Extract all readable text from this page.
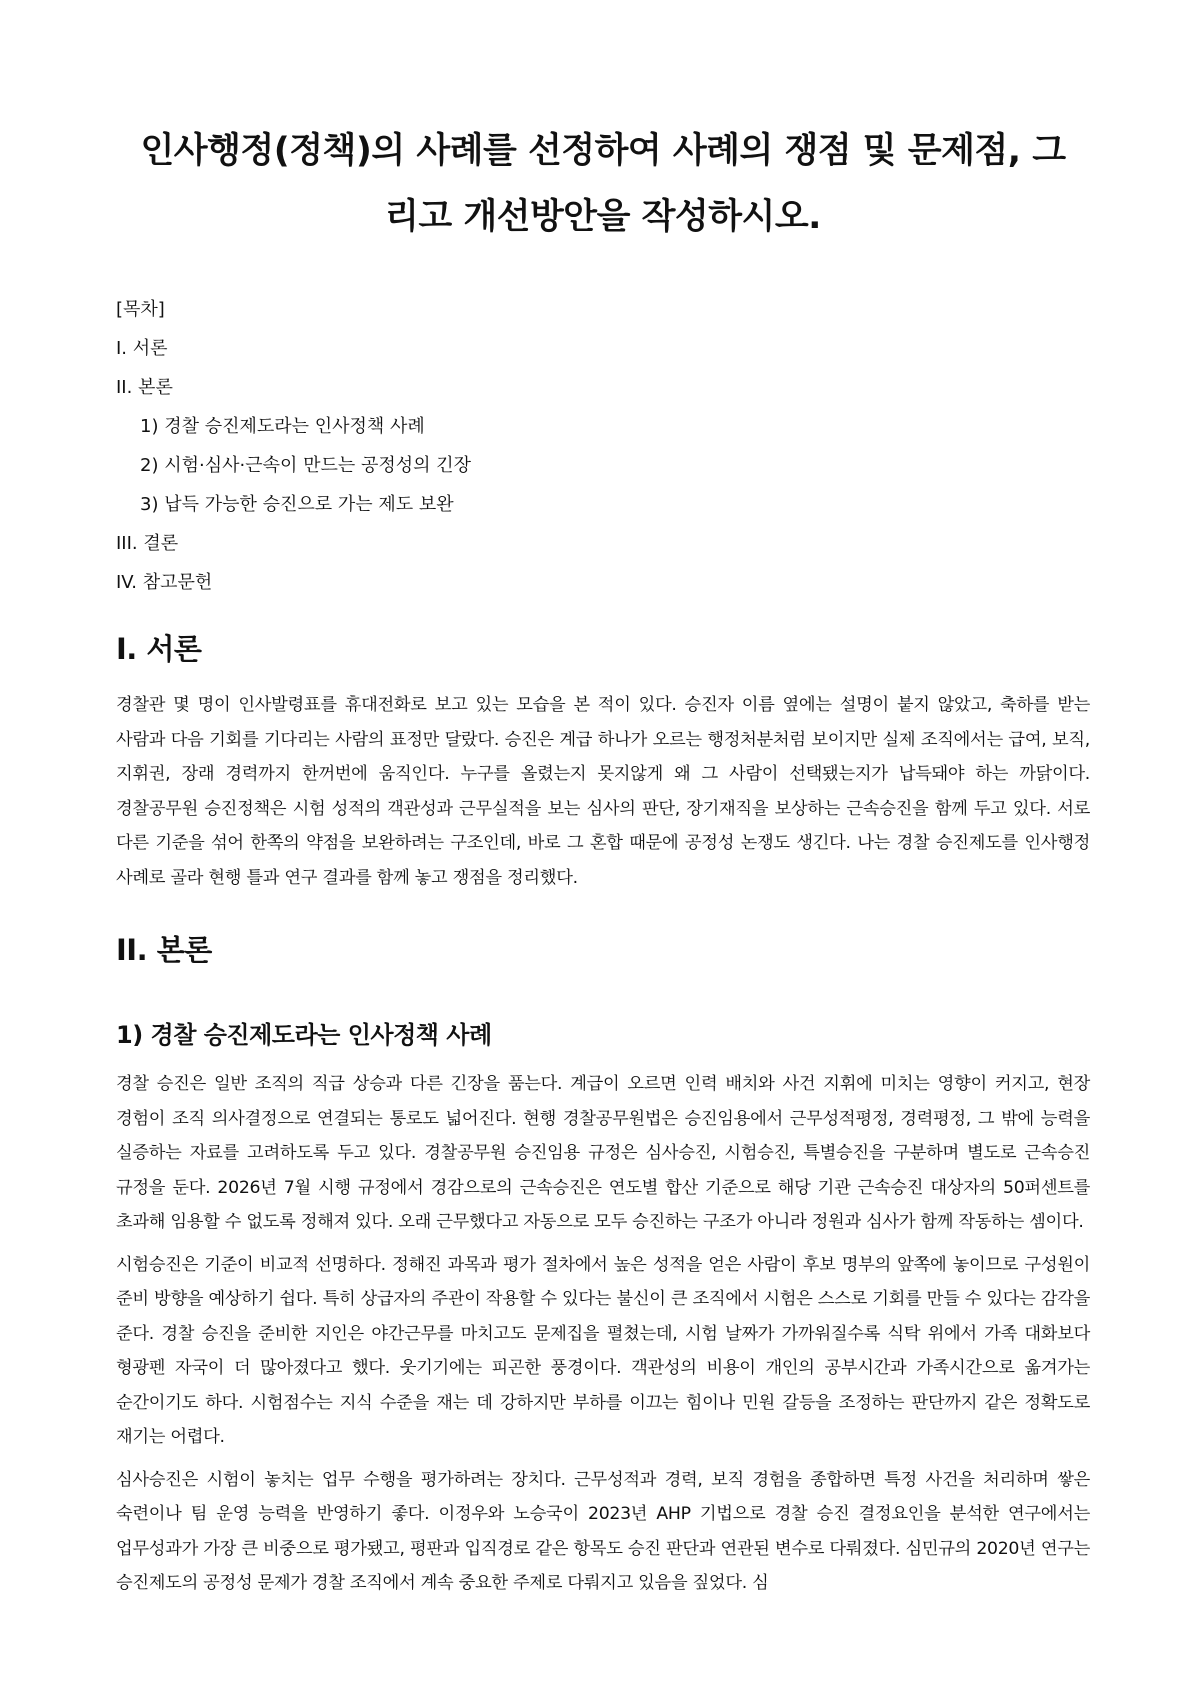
인사행정(정책)의 사례를 선정하여 사례의 쟁점 및 문제점, 그리고 개선방안을 작성하시오.
[목차]
I. 서론
II. 본론
1) 경찰 승진제도라는 인사정책 사례
2) 시험·심사·근속이 만드는 공정성의 긴장
3) 납득 가능한 승진으로 가는 제도 보완
III. 결론
IV. 참고문헌
I. 서론

경찰관 몇 명이 인사발령표를 휴대전화로 보고 있는 모습을 본 적이 있다. 승진자 이름 옆에는 설명이 붙지 않았고, 축하를 받는 사람과 다음 기회를 기다리는 사람의 표정만 달랐다. 승진은 계급 하나가 오르는 행정처분처럼 보이지만 실제 조직에서는 급여, 보직, 지휘권, 장래 경력까지 한꺼번에 움직인다. 누구를 올렸는지 못지않게 왜 그 사람이 선택됐는지가 납득돼야 하는 까닭이다. 경찰공무원 승진정책은 시험 성적의 객관성과 근무실적을 보는 심사의 판단, 장기재직을 보상하는 근속승진을 함께 두고 있다. 서로 다른 기준을 섞어 한쪽의 약점을 보완하려는 구조인데, 바로 그 혼합 때문에 공정성 논쟁도 생긴다. 나는 경찰 승진제도를 인사행정 사례로 골라 현행 틀과 연구 결과를 함께 놓고 쟁점을 정리했다.

II. 본론
1) 경찰 승진제도라는 인사정책 사례

경찰 승진은 일반 조직의 직급 상승과 다른 긴장을 품는다. 계급이 오르면 인력 배치와 사건 지휘에 미치는 영향이 커지고, 현장 경험이 조직 의사결정으로 연결되는 통로도 넓어진다. 현행 경찰공무원법은 승진임용에서 근무성적평정, 경력평정, 그 밖에 능력을 실증하는 자료를 고려하도록 두고 있다. 경찰공무원 승진임용 규정은 심사승진, 시험승진, 특별승진을 구분하며 별도로 근속승진 규정을 둔다. 2026년 7월 시행 규정에서 경감으로의 근속승진은 연도별 합산 기준으로 해당 기관 근속승진 대상자의 50퍼센트를 초과해 임용할 수 없도록 정해져 있다. 오래 근무했다고 자동으로 모두 승진하는 구조가 아니라 정원과 심사가 함께 작동하는 셈이다.

시험승진은 기준이 비교적 선명하다. 정해진 과목과 평가 절차에서 높은 성적을 얻은 사람이 후보 명부의 앞쪽에 놓이므로 구성원이 준비 방향을 예상하기 쉽다. 특히 상급자의 주관이 작용할 수 있다는 불신이 큰 조직에서 시험은 스스로 기회를 만들 수 있다는 감각을 준다. 경찰 승진을 준비한 지인은 야간근무를 마치고도 문제집을 펼쳤는데, 시험 날짜가 가까워질수록 식탁 위에서 가족 대화보다 형광펜 자국이 더 많아졌다고 했다. 웃기기에는 피곤한 풍경이다. 객관성의 비용이 개인의 공부시간과 가족시간으로 옮겨가는 순간이기도 하다. 시험점수는 지식 수준을 재는 데 강하지만 부하를 이끄는 힘이나 민원 갈등을 조정하는 판단까지 같은 정확도로 재기는 어렵다.

심사승진은 시험이 놓치는 업무 수행을 평가하려는 장치다. 근무성적과 경력, 보직 경험을 종합하면 특정 사건을 처리하며 쌓은 숙련이나 팀 운영 능력을 반영하기 좋다. 이정우와 노승국이 2023년 AHP 기법으로 경찰 승진 결정요인을 분석한 연구에서는 업무성과가 가장 큰 비중으로 평가됐고, 평판과 입직경로 같은 항목도 승진 판단과 연관된 변수로 다뤄졌다. 심민규의 2020년 연구는 승진제도의 공정성 문제가 경찰 조직에서 계속 중요한 주제로 다뤄지고 있음을 짚었다. 심
